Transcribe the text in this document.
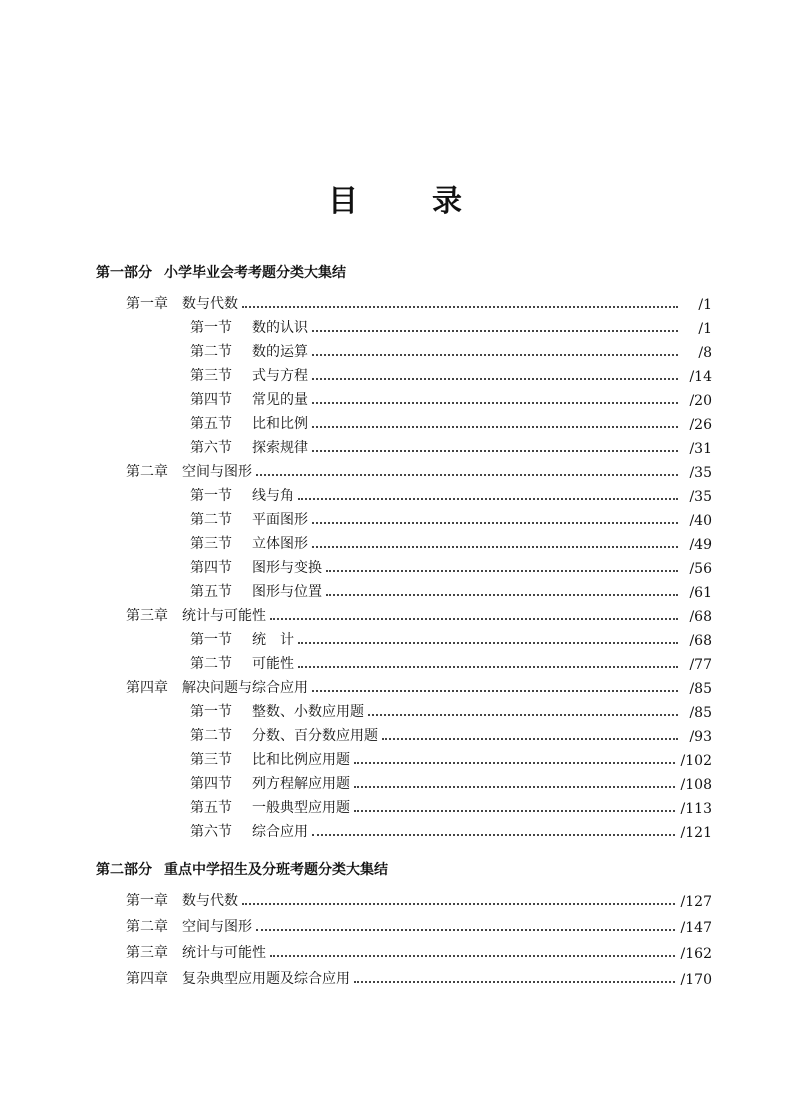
目　录
第一部分 小学毕业会考考题分类大集结
第一章 数与代数	/1
第一节 数的认识	/1
第二节 数的运算	/8
第三节 式与方程	/14
第四节 常见的量	/20
第五节 比和比例	/26
第六节 探索规律	/31
第二章 空间与图形	/35
第一节 线与角	/35
第二节 平面图形	/40
第三节 立体图形	/49
第四节 图形与变换	/56
第五节 图形与位置	/61
第三章 统计与可能性	/68
第一节 统　计	/68
第二节 可能性	/77
第四章 解决问题与综合应用	/85
第一节 整数、小数应用题	/85
第二节 分数、百分数应用题	/93
第三节 比和比例应用题	/102
第四节 列方程解应用题	/108
第五节 一般典型应用题	/113
第六节 综合应用	/121
第二部分 重点中学招生及分班考题分类大集结
第一章 数与代数	/127
第二章 空间与图形	/147
第三章 统计与可能性	/162
第四章 复杂典型应用题及综合应用	/170
